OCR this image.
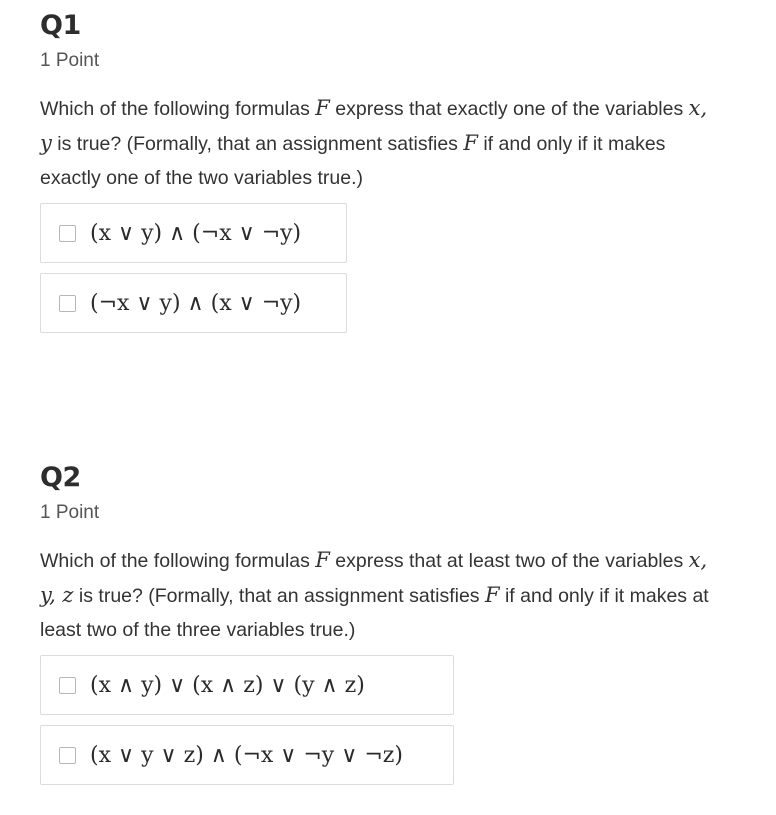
Q1
1 Point
Which of the following formulas F express that exactly one of the variables x, y is true? (Formally, that an assignment satisfies F if and only if it makes exactly one of the two variables true.)
(x ∨ y) ∧ (¬x ∨ ¬y)
(¬x ∨ y) ∧ (x ∨ ¬y)
Q2
1 Point
Which of the following formulas F express that at least two of the variables x, y, z is true? (Formally, that an assignment satisfies F if and only if it makes at least two of the three variables true.)
(x ∧ y) ∨ (x ∧ z) ∨ (y ∧ z)
(x ∨ y ∨ z) ∧ (¬x ∨ ¬y ∨ ¬z)
